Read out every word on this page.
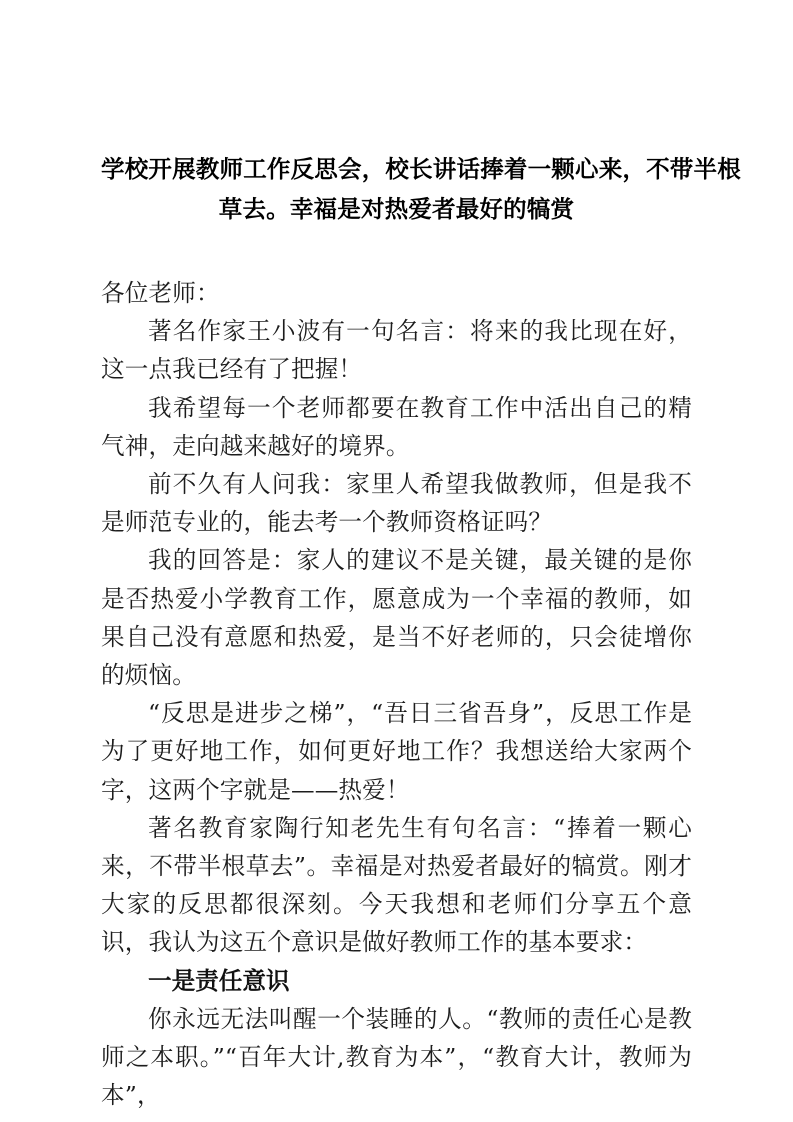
学校开展教师工作反思会，校长讲话捧着一颗心来，不带半根
草去。幸福是对热爱者最好的犒赏

各位老师：

著名作家王小波有一句名言：将来的我比现在好，这一点我已经有了把握！

我希望每一个老师都要在教育工作中活出自己的精气神，走向越来越好的境界。

前不久有人问我：家里人希望我做教师，但是我不是师范专业的，能去考一个教师资格证吗？

我的回答是：家人的建议不是关键，最关键的是你是否热爱小学教育工作，愿意成为一个幸福的教师，如果自己没有意愿和热爱，是当不好老师的，只会徒增你的烦恼。

“反思是进步之梯”，“吾日三省吾身”，反思工作是为了更好地工作，如何更好地工作？我想送给大家两个字，这两个字就是——热爱！

著名教育家陶行知老先生有句名言：“捧着一颗心来，不带半根草去”。幸福是对热爱者最好的犒赏。刚才大家的反思都很深刻。今天我想和老师们分享五个意识，我认为这五个意识是做好教师工作的基本要求：

一是责任意识

你永远无法叫醒一个装睡的人。“教师的责任心是教师之本职。”“百年大计,教育为本”，“教育大计，教师为本”，
